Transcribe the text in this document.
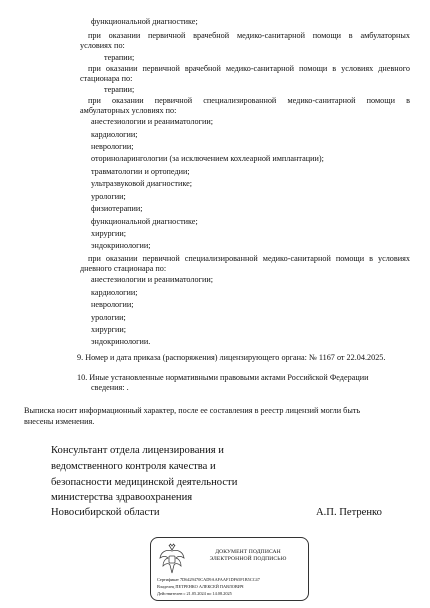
функциональной диагностике;
при оказании первичной врачебной медико-санитарной помощи в амбулаторных
условиях по:
терапии;
при оказании первичной врачебной медико-санитарной помощи в условиях дневного
стационара по:
терапии;
при оказании первичной специализированной медико-санитарной помощи в
амбулаторных условиях по:
анестезиологии и реаниматологии;
кардиологии;
неврологии;
оториноларингологии (за исключением кохлеарной имплантации);
травматологии и ортопедии;
ультразвуковой диагностике;
урологии;
физиотерапии;
функциональной диагностике;
хирургии;
эндокринологии;
при оказании первичной специализированной медико-санитарной помощи в условиях
дневного стационара по:
анестезиологии и реаниматологии;
кардиологии;
неврологии;
урологии;
хирургии;
эндокринологии.
9. Номер и дата приказа (распоряжения) лицензирующего органа: № 1167 от 22.04.2025.
10. Иные установленные нормативными правовыми актами Российской Федерации
сведения: .
Выписка носит информационный характер, после ее составления в реестр лицензий могли быть
внесены изменения.
Консультант отдела лицензирования и
ведомственного контроля качества и
безопасности медицинской деятельности
министерства здравоохранения
Новосибирской области	А.П. Петренко
ДОКУМЕНТ ПОДПИСАН
ЭЛЕКТРОННОЙ ПОДПИСЬЮ
Сертификат 7D6429470CAD9AAFAAF1DF65F1B5CC47
Владелец ПЕТРЕНКО АЛЕКСЕЙ ПАВЛОВИЧ
Действителен с 21.05.2024 по 14.08.2025
